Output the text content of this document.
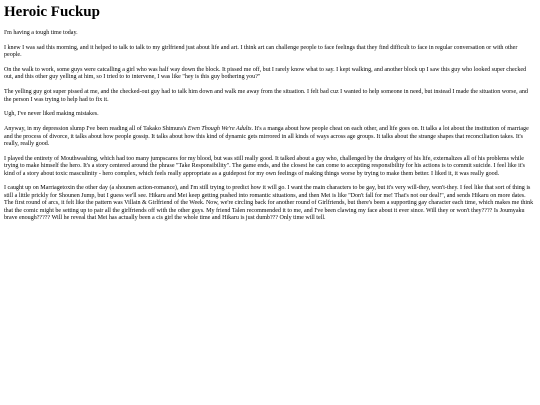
Heroic Fuckup

I'm having a tough time today.

I knew I was sad this morning, and it helped to talk to talk to my girlfriend just about life and art. I think art can challenge people to face feelings that they find difficult to face in regular conversation or with other people.

On the walk to work, some guys were catcalling a girl who was half way down the block. It pissed me off, but I rarely know what to say. I kept walking, and another block up I saw this guy who looked super checked out, and this other guy yelling at him, so I tried to to intervene, I was like "hey is this guy bothering you?"

The yelling guy got super pissed at me, and the checked-out guy had to talk him down and walk me away from the situation. I felt bad cuz I wanted to help someone in need, but instead I made the situation worse, and the person I was trying to help had to fix it.

Ugh, I've never liked making mistakes.

Anyway, in my depression slump I've been reading all of Takako Shimura's Even Though We're Adults. It's a manga about how people cheat on each other, and life goes on. It talks a lot about the institution of marriage and the process of divorce, it talks about how people gossip. It talks about how this kind of dynamic gets mirrored in all kinds of ways across age groups. It talks about the strange shapes that reconciliation takes. It's really, really good.

I played the entirety of Mouthwashing, which had too many jumpscares for my blood, but was still really good. It talked about a guy who, challenged by the drudgery of his life, externalizes all of his problems while trying to make himself the hero. It's a story centered around the phrase "Take Responsibility". The game ends, and the closest he can come to accepting responsibility for his actions is to commit suicide. I feel like it's kind of a story about toxic masculinity - hero complex, which feels really appropriate as a guidepost for my own feelings of making things worse by trying to make them better. I liked it, it was really good.

I caught up on Marriagetoxin the other day (a shounen action-romance), and I'm still trying to predict how it will go. I want the main characters to be gay, but it's very will-they, won't-they. I feel like that sort of thing is still a little prickly for Shounen Jump, but I guess we'll see. Hikaru and Mei keep getting pushed into romantic situations, and then Mei is like "Don't fall for me! That's not our deal!", and sends Hikaru on more dates. The first round of arcs, it felt like the pattern was Villain & Girlfriend of the Week. Now, we're circling back for another round of Girlfriends, but there's been a supporting gay character each time, which makes me think that the comic might be setting up to pair all the girlfriends off with the other guys. My friend Talen recommended it to me, and I've been clawing my face about it ever since. Will they or won't they???? Is Joumyaku brave enough????? Will he reveal that Mei has actually been a cis girl the whole time and Hikaru is just dumb??? Only time will tell.
